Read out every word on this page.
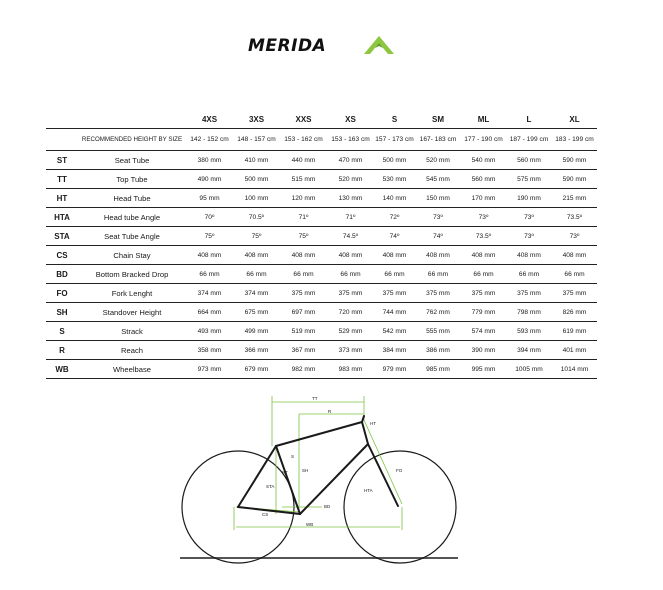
MERIDA
		4XS	3XS	XXS	XS	S	SM	ML	L	XL
	RECOMMENDED HEIGHT BY SIZE	142 - 152 cm	148 - 157 cm	153 - 162 cm	153 - 163 cm	157 - 173 cm	167- 183 cm	177 - 190 cm	187 - 199 cm	183 - 199 cm
ST	Seat Tube	380 mm	410 mm	440 mm	470 mm	500 mm	520 mm	540 mm	560 mm	590 mm
TT	Top Tube	490 mm	500 mm	515 mm	520 mm	530 mm	545 mm	560 mm	575 mm	590 mm
HT	Head Tube	95 mm	100 mm	120 mm	130 mm	140 mm	150 mm	170 mm	190 mm	215 mm
HTA	Head tube Angle	70º	70.5º	71º	71º	72º	73º	73º	73º	73.5º
STA	Seat Tube Angle	75º	75º	75º	74.5º	74º	74º	73.5º	73º	73º
CS	Chain Stay	408 mm	408 mm	408 mm	408 mm	408 mm	408 mm	408 mm	408 mm	408 mm
BD	Bottom Bracked Drop	66 mm	66 mm	66 mm	66 mm	66 mm	66 mm	66 mm	66 mm	66 mm
FO	Fork Lenght	374 mm	374 mm	375 mm	375 mm	375 mm	375 mm	375 mm	375 mm	375 mm
SH	Standover Height	664 mm	675 mm	697 mm	720 mm	744 mm	762 mm	779 mm	798 mm	826 mm
S	Strack	493 mm	499 mm	519 mm	529 mm	542 mm	555 mm	574 mm	593 mm	619 mm
R	Reach	358 mm	366 mm	367 mm	373 mm	384 mm	386 mm	390 mm	394 mm	401 mm
WB	Wheelbase	973 mm	679 mm	982 mm	983 mm	979 mm	985 mm	995 mm	1005 mm	1014 mm
TT
R
HT
ST	SH
S
STA
HTA
FO
CS
BD
WB
